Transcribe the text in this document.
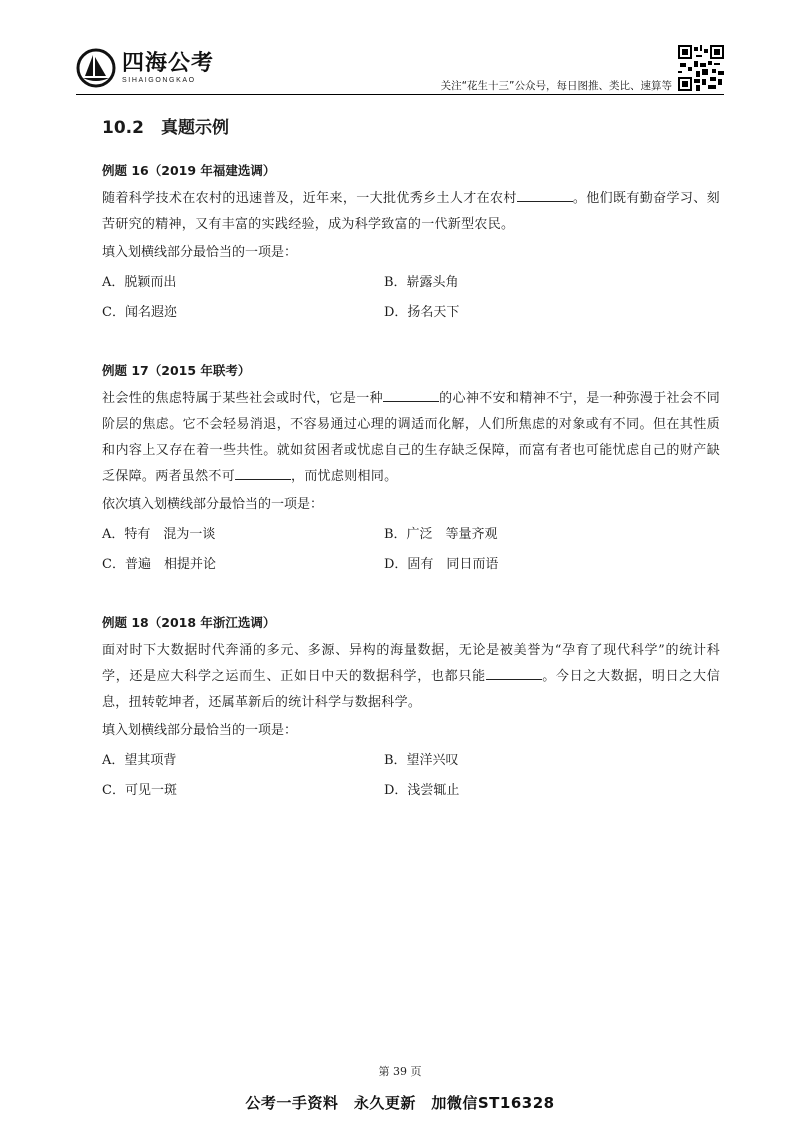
四海公考
SIHAIGONGKAO	关注“花生十三”公众号，每日图推、类比、速算等
10.2　真题示例
例题 16（2019 年福建选调）

随着科学技术在农村的迅速普及，近年来，一大批优秀乡土人才在农村	。他们既有勤奋学习、刻苦研究的精神，又有丰富的实践经验，成为科学致富的一代新型农民。

填入划横线部分最恰当的一项是：
A．脱颖而出	B．崭露头角
C．闻名遐迩	D．扬名天下
例题 17（2015 年联考）

社会性的焦虑特属于某些社会或时代，它是一种	的心神不安和精神不宁，是一种弥漫于社会不同阶层的焦虑。它不会轻易消退，不容易通过心理的调适而化解，人们所焦虑的对象或有不同。但在其性质和内容上又存在着一些共性。就如贫困者或忧虑自己的生存缺乏保障，而富有者也可能忧虑自己的财产缺乏保障。两者虽然不可	，而忧虑则相同。

依次填入划横线部分最恰当的一项是：
A．特有　混为一谈	B．广泛　等量齐观
C．普遍　相提并论	D．固有　同日而语
例题 18（2018 年浙江选调）

面对时下大数据时代奔涌的多元、多源、异构的海量数据，无论是被美誉为“孕育了现代科学”的统计科学，还是应大科学之运而生、正如日中天的数据科学，也都只能	。今日之大数据，明日之大信息，扭转乾坤者，还属革新后的统计科学与数据科学。

填入划横线部分最恰当的一项是：
A．望其项背	B．望洋兴叹
C．可见一斑	D．浅尝辄止
第 39 页
公考一手资料　永久更新　加微信ST16328
